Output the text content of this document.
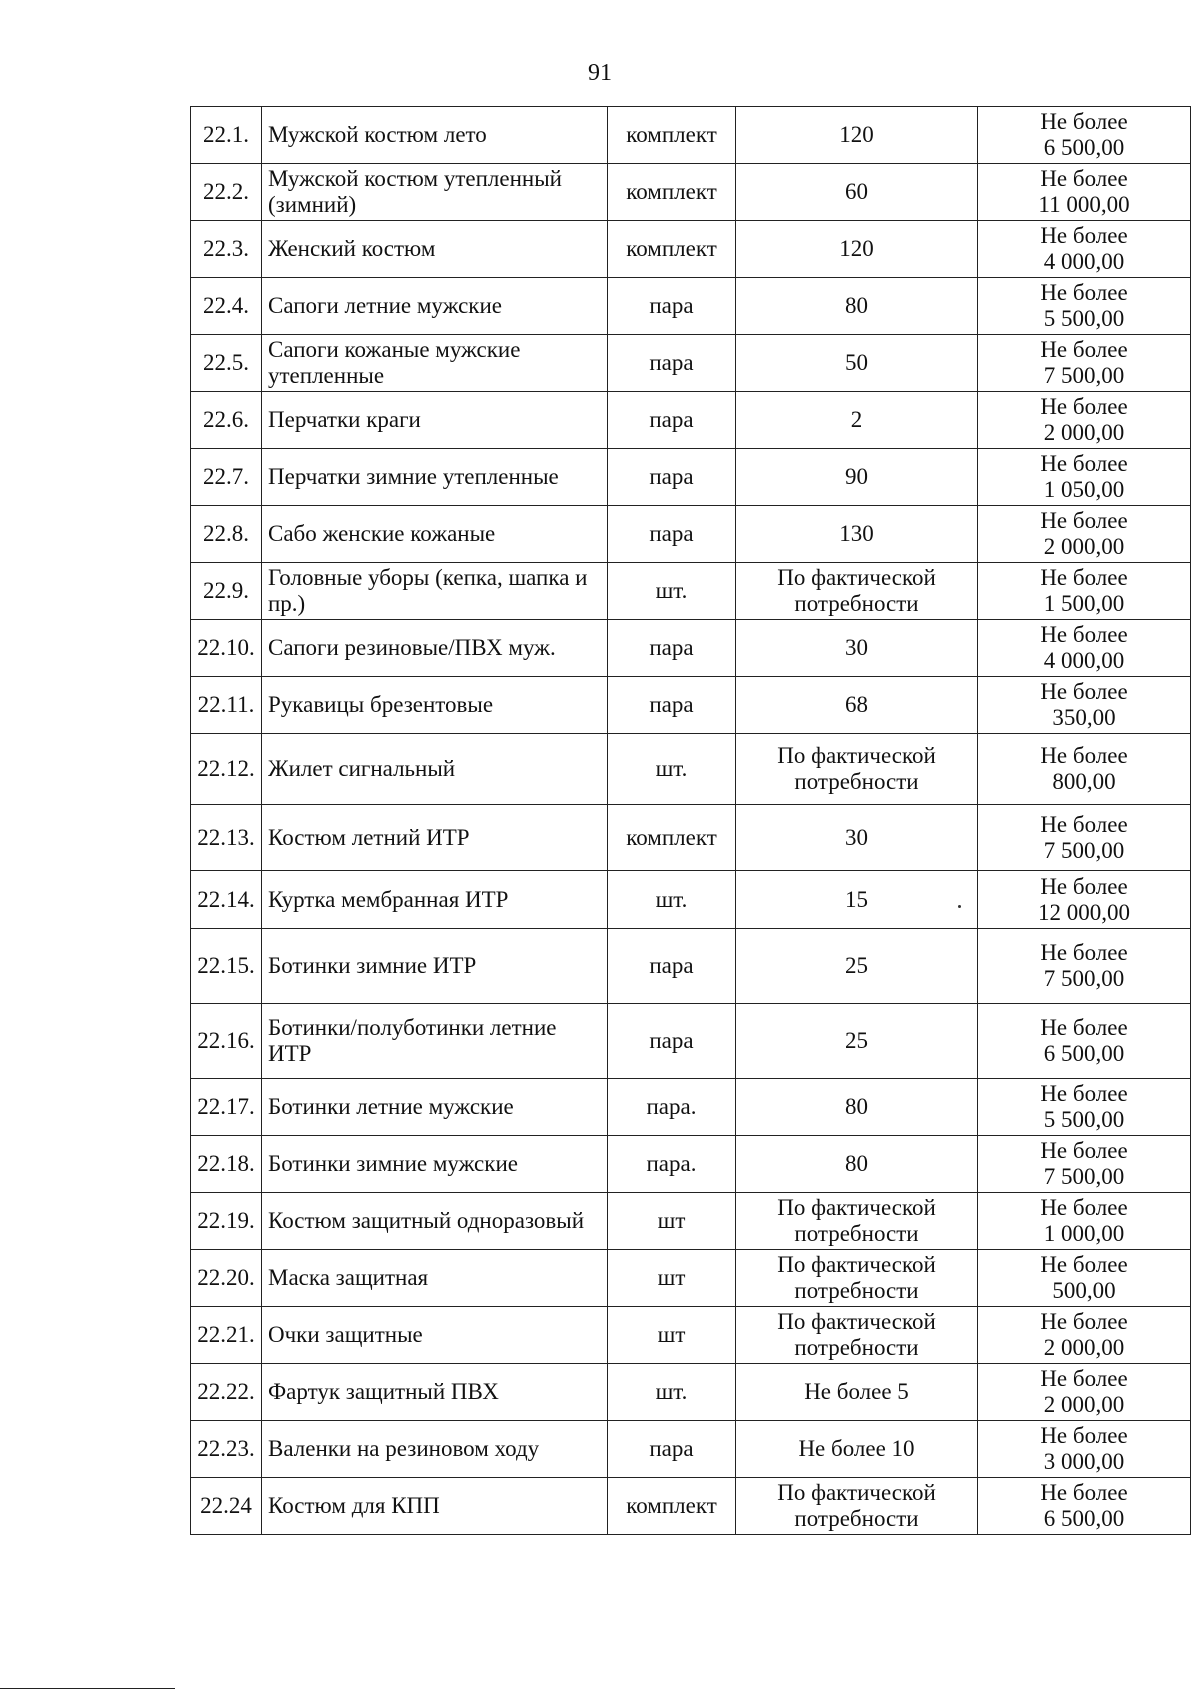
91
22.1.	Мужской костюм лето	комплект	120	Не более
6 500,00

22.2.	Мужской костюм утепленный (зимний)	комплект	60	Не более
11 000,00

22.3.	Женский костюм	комплект	120	Не более
4 000,00

22.4.	Сапоги летние мужские	пара	80	Не более
5 500,00

22.5.	Сапоги кожаные мужские утепленные	пара	50	Не более
7 500,00

22.6.	Перчатки краги	пара	2	Не более
2 000,00

22.7.	Перчатки зимние утепленные	пара	90	Не более
1 050,00

22.8.	Сабо женские кожаные	пара	130	Не более
2 000,00

22.9.	Головные уборы (кепка, шапка и пр.)	шт.	По фактической потребности	Не более
1 500,00

22.10.	Сапоги резиновые/ПВХ муж.	пара	30	Не более
4 000,00

22.11.	Рукавицы брезентовые	пара	68	Не более
350,00

22.12.	Жилет сигнальный	шт.	По фактической потребности	Не более
800,00

22.13.	Костюм летний ИТР	комплект	30	Не более
7 500,00

22.14.	Куртка мембранная ИТР	шт.	15	Не более
12 000,00

22.15.	Ботинки зимние ИТР	пара	25	Не более
7 500,00

22.16.	Ботинки/полуботинки летние ИТР	пара	25	Не более
6 500,00

22.17.	Ботинки летние мужские	пара.	80	Не более
5 500,00

22.18.	Ботинки зимние мужские	пара.	80	Не более
7 500,00

22.19.	Костюм защитный одноразовый	шт	По фактической потребности	Не более
1 000,00

22.20.	Маска защитная	шт	По фактической потребности	Не более
500,00

22.21.	Очки защитные	шт	По фактической потребности	Не более
2 000,00

22.22.	Фартук защитный ПВХ	шт.	Не более 5	Не более
2 000,00

22.23.	Валенки на резиновом ходу	пара	Не более 10	Не более
3 000,00

22.24	Костюм для КПП	комплект	По фактической потребности	Не более
6 500,00
